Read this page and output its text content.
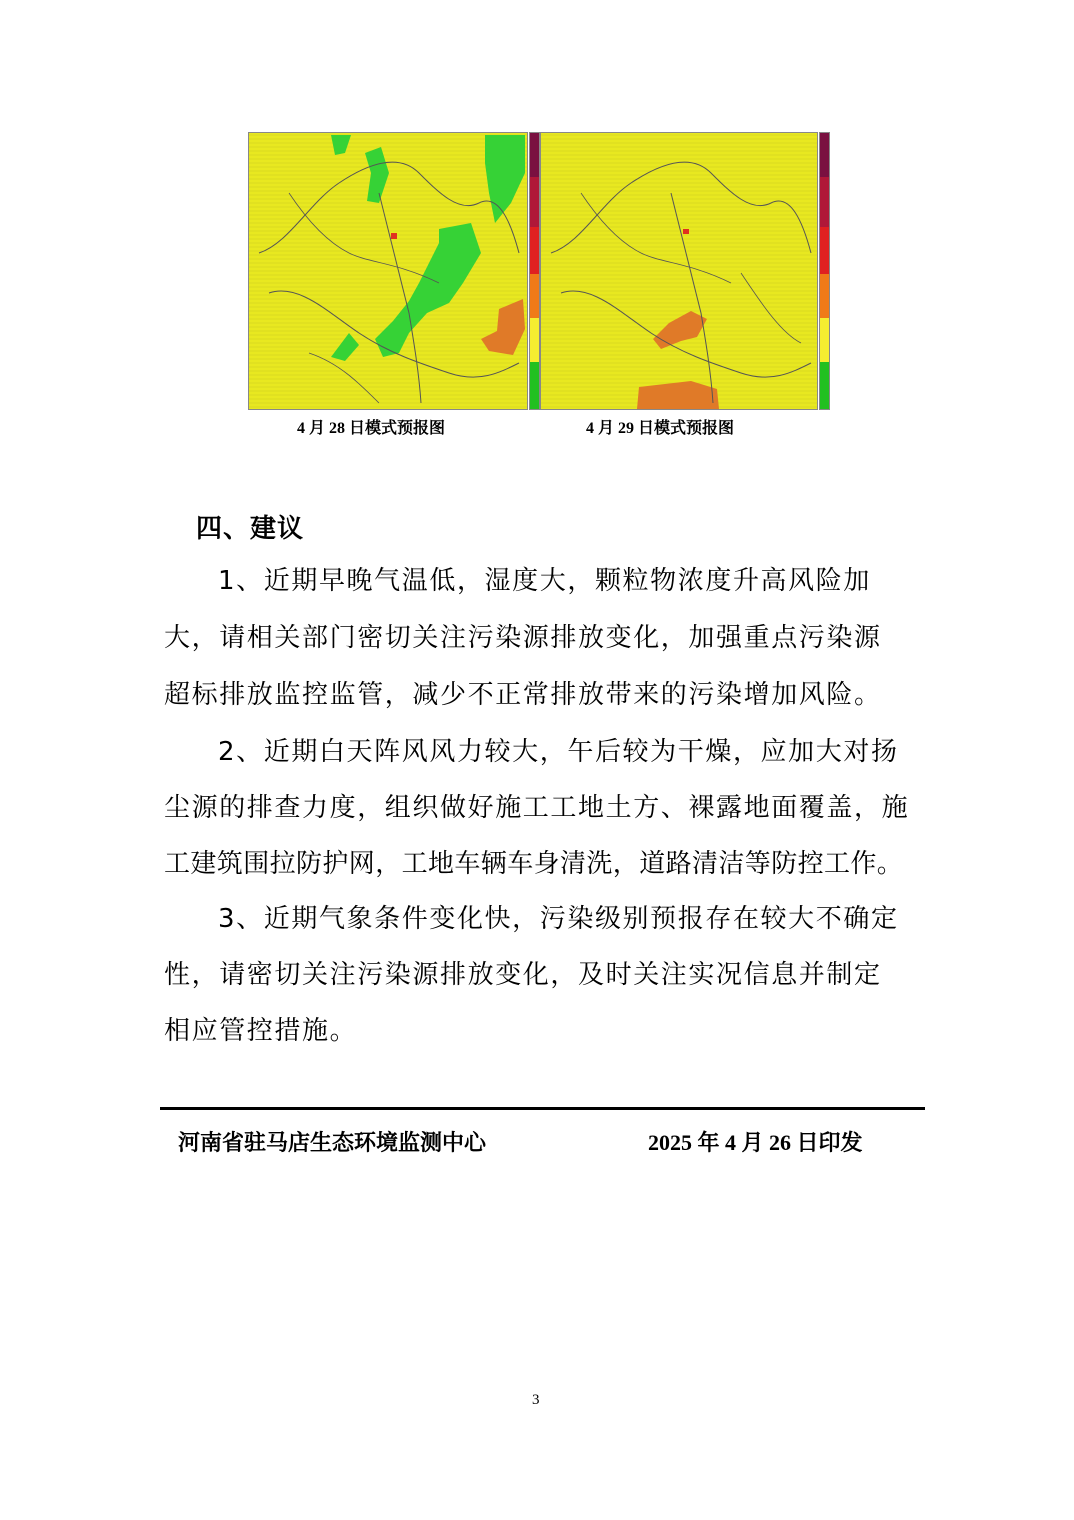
4 月 28 日模式预报图	4 月 29 日模式预报图
四、建议
1、近期早晚气温低，湿度大，颗粒物浓度升高风险加
大，请相关部门密切关注污染源排放变化，加强重点污染源
超标排放监控监管，减少不正常排放带来的污染增加风险。
2、近期白天阵风风力较大，午后较为干燥，应加大对扬
尘源的排查力度，组织做好施工工地土方、裸露地面覆盖，施
工建筑围拉防护网，工地车辆车身清洗，道路清洁等防控工作。
3、近期气象条件变化快，污染级别预报存在较大不确定
性，请密切关注污染源排放变化，及时关注实况信息并制定
相应管控措施。
河南省驻马店生态环境监测中心	2025 年 4 月 26 日印发
3
